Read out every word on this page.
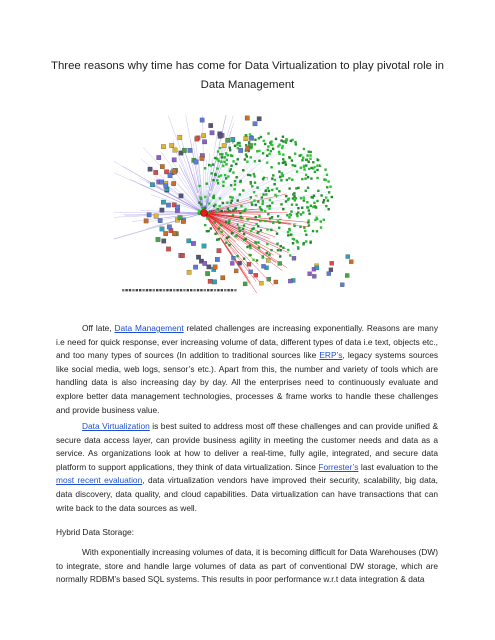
Three reasons why time has come for Data Virtualization to play pivotal role in Data Management
EIMC... IMC IMC Software...

Off late, Data Management related challenges are increasing exponentially. Reasons are many i.e need for quick response, ever increasing volume of data, different types of data i.e text, objects etc., and too many types of sources (In addition to traditional sources like ERP’s, legacy systems sources like social media, web logs, sensor’s etc.). Apart from this, the number and variety of tools which are handling data is also increasing day by day. All the enterprises need to continuously evaluate and explore better data management technologies, processes & frame works to handle these challenges and provide business value.

Data Virtualization is best suited to address most off these challenges and can provide unified & secure data access layer, can provide business agility in meeting the customer needs and data as a service. As organizations look at how to deliver a real-time, fully agile, integrated, and secure data platform to support applications, they think of data virtualization. Since Forrester’s last evaluation to the most recent evaluation, data virtualization vendors have improved their security, scalability, big data, data discovery, data quality, and cloud capabilities. Data virtualization can have transactions that can write back to the data sources as well.

Hybrid Data Storage:

With exponentially increasing volumes of data, it is becoming difficult for Data Warehouses (DW) to integrate, store and handle large volumes of data as part of conventional DW storage, which are normally RDBM’s based SQL systems. This results in poor performance w.r.t data integration & data
